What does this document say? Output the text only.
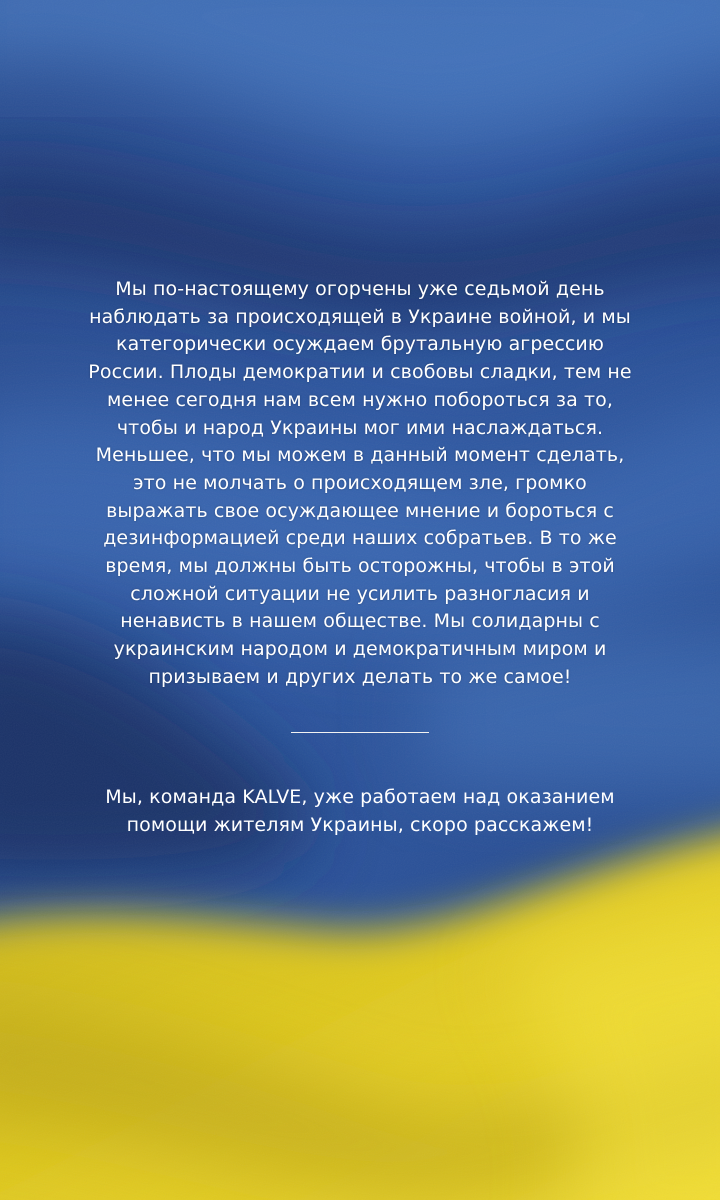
Мы по-настоящему огорчены уже седьмой день
наблюдать за происходящей в Украине войной, и мы
категорически осуждаем брутальную агрессию
России. Плоды демократии и свобовы сладки, тем не
менее сегодня нам всем нужно побороться за то,
чтобы и народ Украины мог ими наслаждаться.
Меньшее, что мы можем в данный момент сделать,
это не молчать о происходящем зле, громко
выражать свое осуждающее мнение и бороться с
дезинформацией среди наших собратьев. В то же
время, мы должны быть осторожны, чтобы в этой
сложной ситуации не усилить разногласия и
ненависть в нашем обществе. Мы солидарны с
украинским народом и демократичным миром и
призываем и других делать то же самое!
Мы, команда KALVE, уже работаем над оказанием
помощи жителям Украины, скоро расскажем!
